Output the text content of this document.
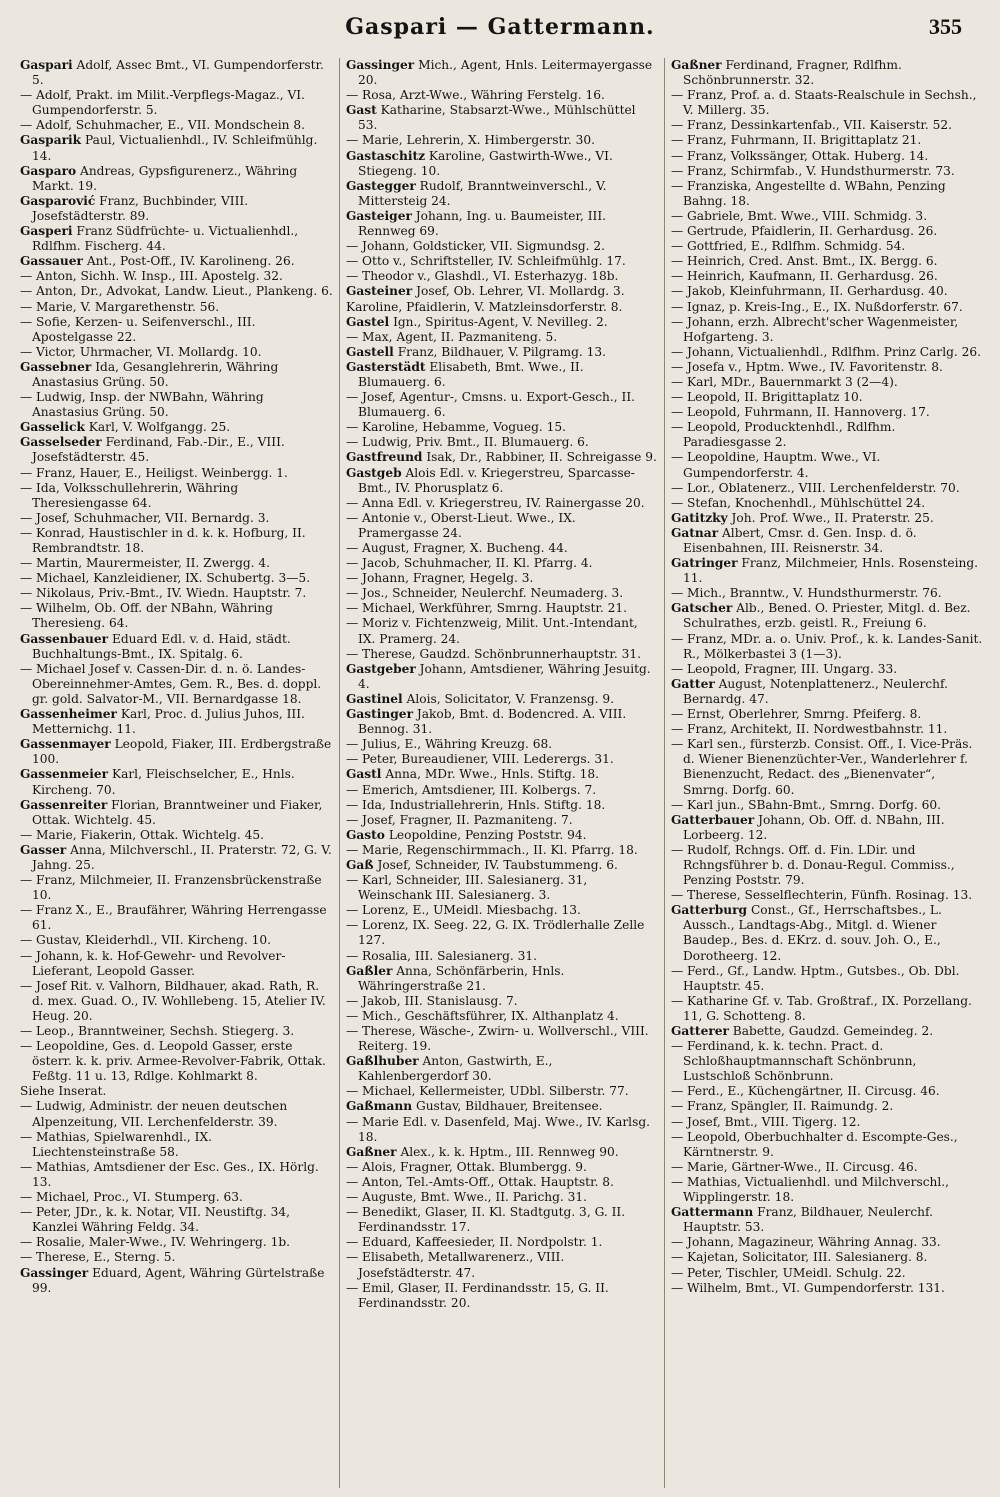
Gaspari — Gattermann.	355

Gaspari Adolf, Assec Bmt., VI. Gumpendorferstr. 5.

— Adolf, Prakt. im Milit.-Verpflegs-Magaz., VI. Gumpendorferstr. 5.

— Adolf, Schuhmacher, E., VII. Mondschein 8.

Gasparik Paul, Victualienhdl., IV. Schleifmühlg. 14.

Gasparo Andreas, Gypsfigurenerz., Währing Markt. 19.

Gasparović Franz, Buchbinder, VIII. Josefstädterstr. 89.

Gasperi Franz Südfrüchte- u. Victualienhdl., Rdlfhm. Fischerg. 44.

Gassauer Ant., Post-Off., IV. Karolineng. 26.

— Anton, Sichh. W. Insp., III. Apostelg. 32.

— Anton, Dr., Advokat, Landw. Lieut., Plankeng. 6.

— Marie, V. Margarethenstr. 56.

— Sofie, Kerzen- u. Seifenverschl., III. Apostelgasse 22.

— Victor, Uhrmacher, VI. Mollardg. 10.

Gassebner Ida, Gesanglehrerin, Währing Anastasius Grüng. 50.

— Ludwig, Insp. der NWBahn, Währing Anastasius Grüng. 50.

Gasselick Karl, V. Wolfgangg. 25.

Gasselseder Ferdinand, Fab.-Dir., E., VIII. Josefstädterstr. 45.

— Franz, Hauer, E., Heiligst. Weinbergg. 1.

— Ida, Volksschullehrerin, Währing Theresiengasse 64.

— Josef, Schuhmacher, VII. Bernardg. 3.

— Konrad, Haustischler in d. k. k. Hofburg, II. Rembrandtstr. 18.

— Martin, Maurermeister, II. Zwergg. 4.

— Michael, Kanzleidiener, IX. Schubertg. 3—5.

— Nikolaus, Priv.-Bmt., IV. Wiedn. Hauptstr. 7.

— Wilhelm, Ob. Off. der NBahn, Währing Theresieng. 64.

Gassenbauer Eduard Edl. v. d. Haid, städt. Buchhaltungs-Bmt., IX. Spitalg. 6.

— Michael Josef v. Cassen-Dir. d. n. ö. Landes-Obereinnehmer-Amtes, Gem. R., Bes. d. doppl. gr. gold. Salvator-M., VII. Bernardgasse 18.

Gassenheimer Karl, Proc. d. Julius Juhos, III. Metternichg. 11.

Gassenmayer Leopold, Fiaker, III. Erdbergstraße 100.

Gassenmeier Karl, Fleischselcher, E., Hnls. Kircheng. 70.

Gassenreiter Florian, Branntweiner und Fiaker, Ottak. Wichtelg. 45.

— Marie, Fiakerin, Ottak. Wichtelg. 45.

Gasser Anna, Milchverschl., II. Praterstr. 72, G. V. Jahng. 25.

— Franz, Milchmeier, II. Franzensbrückenstraße 10.

— Franz X., E., Braufährer, Währing Herrengasse 61.

— Gustav, Kleiderhdl., VII. Kircheng. 10.

— Johann, k. k. Hof-Gewehr- und Revolver-Lieferant, Leopold Gasser.

— Josef Rit. v. Valhorn, Bildhauer, akad. Rath, R. d. mex. Guad. O., IV. Wohllebeng. 15, Atelier IV. Heug. 20.

— Leop., Branntweiner, Sechsh. Stiegerg. 3.

— Leopoldine, Ges. d. Leopold Gasser, erste österr. k. k. priv. Armee-Revolver-Fabrik, Ottak. Feßtg. 11 u. 13, Rdlge. Kohlmarkt 8.

Siehe Inserat.

— Ludwig, Administr. der neuen deutschen Alpenzeitung, VII. Lerchenfelderstr. 39.

— Mathias, Spielwarenhdl., IX. Liechtensteinstraße 58.

— Mathias, Amtsdiener der Esc. Ges., IX. Hörlg. 13.

— Michael, Proc., VI. Stumperg. 63.

— Peter, JDr., k. k. Notar, VII. Neustiftg. 34, Kanzlei Währing Feldg. 34.

— Rosalie, Maler-Wwe., IV. Wehringerg. 1b.

— Therese, E., Sterng. 5.

Gassinger Eduard, Agent, Währing Gürtelstraße 99.

Gassinger Mich., Agent, Hnls. Leitermayergasse 20.

— Rosa, Arzt-Wwe., Währing Ferstelg. 16.

Gast Katharine, Stabsarzt-Wwe., Mühlschüttel 53.

— Marie, Lehrerin, X. Himbergerstr. 30.

Gastaschitz Karoline, Gastwirth-Wwe., VI. Stiegeng. 10.

Gastegger Rudolf, Branntweinverschl., V. Mittersteig 24.

Gasteiger Johann, Ing. u. Baumeister, III. Rennweg 69.

— Johann, Goldsticker, VII. Sigmundsg. 2.

— Otto v., Schriftsteller, IV. Schleifmühlg. 17.

— Theodor v., Glashdl., VI. Esterhazyg. 18b.

Gasteiner Josef, Ob. Lehrer, VI. Mollardg. 3.

Karoline, Pfaidlerin, V. Matzleinsdorferstr. 8.

Gastel Ign., Spiritus-Agent, V. Nevilleg. 2.

— Max, Agent, II. Pazmaniteng. 5.

Gastell Franz, Bildhauer, V. Pilgramg. 13.

Gasterstädt Elisabeth, Bmt. Wwe., II. Blumauerg. 6.

— Josef, Agentur-, Cmsns. u. Export-Gesch., II. Blumauerg. 6.

— Karoline, Hebamme, Vogueg. 15.

— Ludwig, Priv. Bmt., II. Blumauerg. 6.

Gastfreund Isak, Dr., Rabbiner, II. Schreigasse 9.

Gastgeb Alois Edl. v. Kriegerstreu, Sparcasse-Bmt., IV. Phorusplatz 6.

— Anna Edl. v. Kriegerstreu, IV. Rainergasse 20.

— Antonie v., Oberst-Lieut. Wwe., IX. Pramergasse 24.

— August, Fragner, X. Bucheng. 44.

— Jacob, Schuhmacher, II. Kl. Pfarrg. 4.

— Johann, Fragner, Hegelg. 3.

— Jos., Schneider, Neulerchf. Neumaderg. 3.

— Michael, Werkführer, Smrng. Hauptstr. 21.

— Moriz v. Fichtenzweig, Milit. Unt.-Intendant, IX. Pramerg. 24.

— Therese, Gaudzd. Schönbrunnerhauptstr. 31.

Gastgeber Johann, Amtsdiener, Währing Jesuitg. 4.

Gastinel Alois, Solicitator, V. Franzensg. 9.

Gastinger Jakob, Bmt. d. Bodencred. A. VIII. Bennog. 31.

— Julius, E., Währing Kreuzg. 68.

— Peter, Bureaudiener, VIII. Lederergs. 31.

Gastl Anna, MDr. Wwe., Hnls. Stiftg. 18.

— Emerich, Amtsdiener, III. Kolbergs. 7.

— Ida, Industriallehrerin, Hnls. Stiftg. 18.

— Josef, Fragner, II. Pazmaniteng. 7.

Gasto Leopoldine, Penzing Poststr. 94.

— Marie, Regenschirmmach., II. Kl. Pfarrg. 18.

Gaß Josef, Schneider, IV. Taubstummeng. 6.

— Karl, Schneider, III. Salesianerg. 31, Weinschank III. Salesianerg. 3.

— Lorenz, E., UMeidl. Miesbachg. 13.

— Lorenz, IX. Seeg. 22, G. IX. Trödlerhalle Zelle 127.

— Rosalia, III. Salesianerg. 31.

Gaßler Anna, Schönfärberin, Hnls. Währingerstraße 21.

— Jakob, III. Stanislausg. 7.

— Mich., Geschäftsführer, IX. Althanplatz 4.

— Therese, Wäsche-, Zwirn- u. Wollverschl., VIII. Reiterg. 19.

Gaßlhuber Anton, Gastwirth, E., Kahlenbergerdorf 30.

— Michael, Kellermeister, UDbl. Silberstr. 77.

Gaßmann Gustav, Bildhauer, Breitensee.

— Marie Edl. v. Dasenfeld, Maj. Wwe., IV. Karlsg. 18.

Gaßner Alex., k. k. Hptm., III. Rennweg 90.

— Alois, Fragner, Ottak. Blumbergg. 9.

— Anton, Tel.-Amts-Off., Ottak. Hauptstr. 8.

— Auguste, Bmt. Wwe., II. Parichg. 31.

— Benedikt, Glaser, II. Kl. Stadtgutg. 3, G. II. Ferdinandsstr. 17.

— Eduard, Kaffeesieder, II. Nordpolstr. 1.

— Elisabeth, Metallwarenerz., VIII. Josefstädterstr. 47.

— Emil, Glaser, II. Ferdinandsstr. 15, G. II. Ferdinandsstr. 20.

Gaßner Ferdinand, Fragner, Rdlfhm. Schönbrunnerstr. 32.

— Franz, Prof. a. d. Staats-Realschule in Sechsh., V. Millerg. 35.

— Franz, Dessinkartenfab., VII. Kaiserstr. 52.

— Franz, Fuhrmann, II. Brigittaplatz 21.

— Franz, Volkssänger, Ottak. Huberg. 14.

— Franz, Schirmfab., V. Hundsthurmerstr. 73.

— Franziska, Angestellte d. WBahn, Penzing Bahng. 18.

— Gabriele, Bmt. Wwe., VIII. Schmidg. 3.

— Gertrude, Pfaidlerin, II. Gerhardusg. 26.

— Gottfried, E., Rdlfhm. Schmidg. 54.

— Heinrich, Cred. Anst. Bmt., IX. Bergg. 6.

— Heinrich, Kaufmann, II. Gerhardusg. 26.

— Jakob, Kleinfuhrmann, II. Gerhardusg. 40.

— Ignaz, p. Kreis-Ing., E., IX. Nußdorferstr. 67.

— Johann, erzh. Albrecht'scher Wagenmeister, Hofgarteng. 3.

— Johann, Victualienhdl., Rdlfhm. Prinz Carlg. 26.

— Josefa v., Hptm. Wwe., IV. Favoritenstr. 8.

— Karl, MDr., Bauernmarkt 3 (2—4).

— Leopold, II. Brigittaplatz 10.

— Leopold, Fuhrmann, II. Hannoverg. 17.

— Leopold, Producktenhdl., Rdlfhm. Paradiesgasse 2.

— Leopoldine, Hauptm. Wwe., VI. Gumpendorferstr. 4.

— Lor., Oblatenerz., VIII. Lerchenfelderstr. 70.

— Stefan, Knochenhdl., Mühlschüttel 24.

Gatitzky Joh. Prof. Wwe., II. Praterstr. 25.

Gatnar Albert, Cmsr. d. Gen. Insp. d. ö. Eisenbahnen, III. Reisnerstr. 34.

Gatringer Franz, Milchmeier, Hnls. Rosensteing. 11.

— Mich., Branntw., V. Hundsthurmerstr. 76.

Gatscher Alb., Bened. O. Priester, Mitgl. d. Bez. Schulrathes, erzb. geistl. R., Freiung 6.

— Franz, MDr. a. o. Univ. Prof., k. k. Landes-Sanit. R., Mölkerbastei 3 (1—3).

— Leopold, Fragner, III. Ungarg. 33.

Gatter August, Notenplattenerz., Neulerchf. Bernardg. 47.

— Ernst, Oberlehrer, Smrng. Pfeiferg. 8.

— Franz, Architekt, II. Nordwestbahnstr. 11.

— Karl sen., fürsterzb. Consist. Off., I. Vice-Präs. d. Wiener Bienenzüchter-Ver., Wanderlehrer f. Bienenzucht, Redact. des „Bienenvater“, Smrng. Dorfg. 60.

— Karl jun., SBahn-Bmt., Smrng. Dorfg. 60.

Gatterbauer Johann, Ob. Off. d. NBahn, III. Lorbeerg. 12.

— Rudolf, Rchngs. Off. d. Fin. LDir. und Rchngsführer b. d. Donau-Regul. Commiss., Penzing Poststr. 79.

— Therese, Sesselflechterin, Fünfh. Rosinag. 13.

Gatterburg Const., Gf., Herrschaftsbes., L. Aussch., Landtags-Abg., Mitgl. d. Wiener Baudep., Bes. d. EKrz. d. souv. Joh. O., E., Dorotheerg. 12.

— Ferd., Gf., Landw. Hptm., Gutsbes., Ob. Dbl. Hauptstr. 45.

— Katharine Gf. v. Tab. Großtraf., IX. Porzellang. 11, G. Schotteng. 8.

Gatterer Babette, Gaudzd. Gemeindeg. 2.

— Ferdinand, k. k. techn. Pract. d. Schloßhauptmannschaft Schönbrunn, Lustschloß Schönbrunn.

— Ferd., E., Küchengärtner, II. Circusg. 46.

— Franz, Spängler, II. Raimundg. 2.

— Josef, Bmt., VIII. Tigerg. 12.

— Leopold, Oberbuchhalter d. Escompte-Ges., Kärntnerstr. 9.

— Marie, Gärtner-Wwe., II. Circusg. 46.

— Mathias, Victualienhdl. und Milchverschl., Wipplingerstr. 18.

Gattermann Franz, Bildhauer, Neulerchf. Hauptstr. 53.

— Johann, Magazineur, Währing Annag. 33.

— Kajetan, Solicitator, III. Salesianerg. 8.

— Peter, Tischler, UMeidl. Schulg. 22.

— Wilhelm, Bmt., VI. Gumpendorferstr. 131.
